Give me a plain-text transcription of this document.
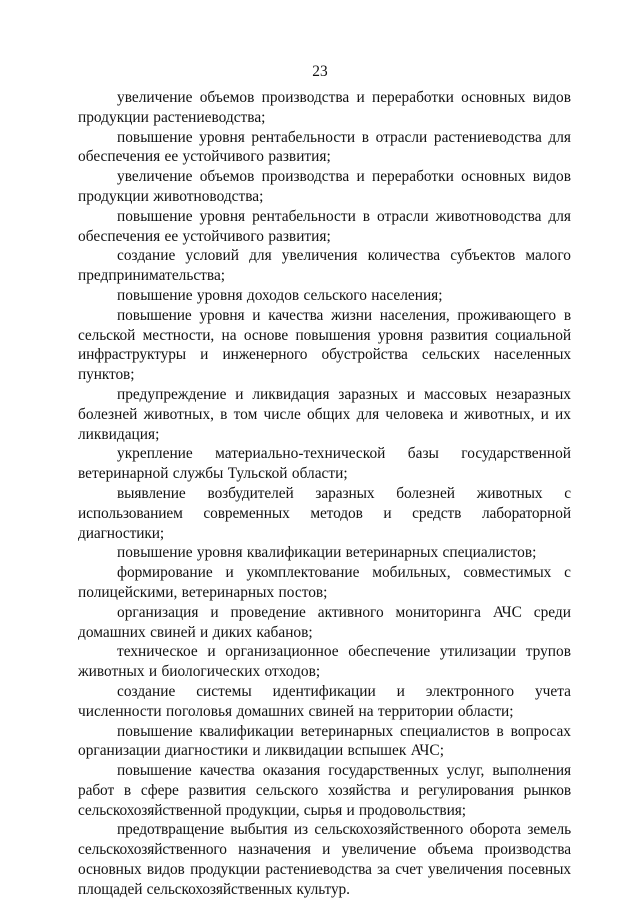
23

увеличение объемов производства и переработки основных видов продукции растениеводства;

повышение уровня рентабельности в отрасли растениеводства для обеспечения ее устойчивого развития;

увеличение объемов производства и переработки основных видов продукции животноводства;

повышение уровня рентабельности в отрасли животноводства для обеспечения ее устойчивого развития;

создание условий для увеличения количества субъектов малого предпринимательства;

повышение уровня доходов сельского населения;

повышение уровня и качества жизни населения, проживающего в сельской местности, на основе повышения уровня развития социальной инфраструктуры и инженерного обустройства сельских населенных пунктов;

предупреждение и ликвидация заразных и массовых незаразных болезней животных, в том числе общих для человека и животных, и их ликвидация;

укрепление материально-технической базы государственной ветеринарной службы Тульской области;

выявление возбудителей заразных болезней животных с использованием современных методов и средств лабораторной диагностики;

повышение уровня квалификации ветеринарных специалистов;

формирование и укомплектование мобильных, совместимых с полицейскими, ветеринарных постов;

организация и проведение активного мониторинга АЧС среди домашних свиней и диких кабанов;

техническое и организационное обеспечение утилизации трупов животных и биологических отходов;

создание системы идентификации и электронного учета численности поголовья домашних свиней на территории области;

повышение квалификации ветеринарных специалистов в вопросах организации диагностики и ликвидации вспышек АЧС;

повышение качества оказания государственных услуг, выполнения работ в сфере развития сельского хозяйства и регулирования рынков сельскохозяйственной продукции, сырья и продовольствия;

предотвращение выбытия из сельскохозяйственного оборота земель сельскохозяйственного назначения и увеличение объема производства основных видов продукции растениеводства за счет увеличения посевных площадей сельскохозяйственных культур.
